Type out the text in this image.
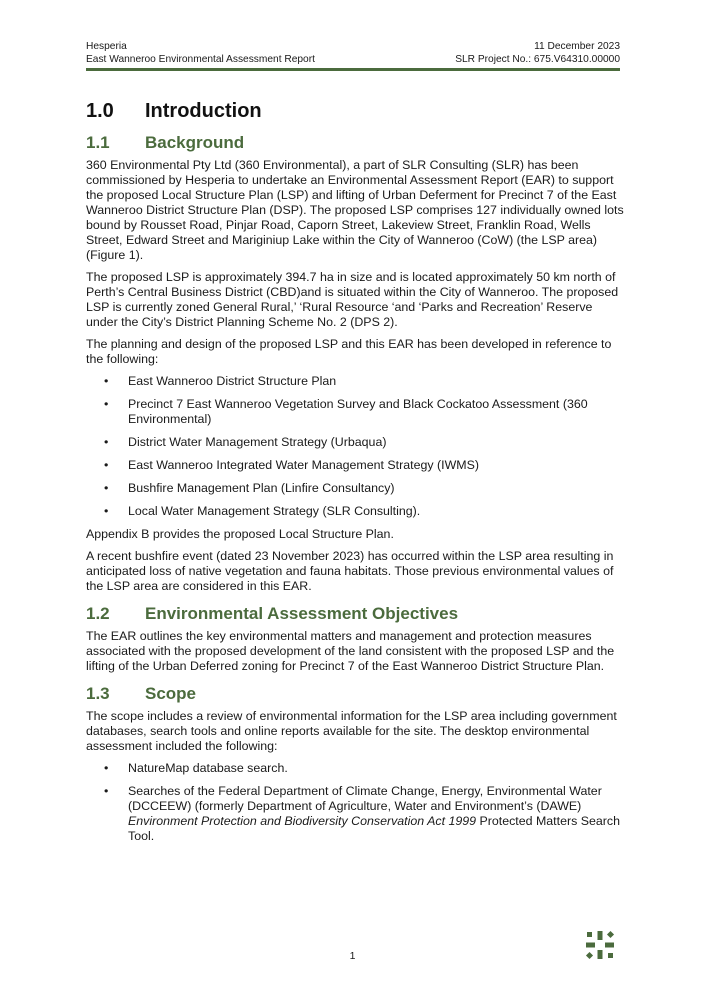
Hesperia
East Wanneroo Environmental Assessment Report
11 December 2023
SLR Project No.: 675.V64310.00000
1.0	Introduction
1.1	Background

360 Environmental Pty Ltd (360 Environmental), a part of SLR Consulting (SLR) has been commissioned by Hesperia to undertake an Environmental Assessment Report (EAR) to support the proposed Local Structure Plan (LSP) and lifting of Urban Deferment for Precinct 7 of the East Wanneroo District Structure Plan (DSP). The proposed LSP comprises 127 individually owned lots bound by Rousset Road, Pinjar Road, Caporn Street, Lakeview Street, Franklin Road, Wells Street, Edward Street and Mariginiup Lake within the City of Wanneroo (CoW) (the LSP area) (Figure 1).

The proposed LSP is approximately 394.7 ha in size and is located approximately 50 km north of Perth’s Central Business District (CBD)and is situated within the City of Wanneroo. The proposed LSP is currently zoned General Rural,’ ‘Rural Resource ‘and ‘Parks and Recreation’ Reserve under the City’s District Planning Scheme No. 2 (DPS 2).

The planning and design of the proposed LSP and this EAR has been developed in reference to the following:

• East Wanneroo District Structure Plan
• Precinct 7 East Wanneroo Vegetation Survey and Black Cockatoo Assessment (360 Environmental)
• District Water Management Strategy (Urbaqua)
• East Wanneroo Integrated Water Management Strategy (IWMS)
• Bushfire Management Plan (Linfire Consultancy)
• Local Water Management Strategy (SLR Consulting).

Appendix B provides the proposed Local Structure Plan.

A recent bushfire event (dated 23 November 2023) has occurred within the LSP area resulting in anticipated loss of native vegetation and fauna habitats. Those previous environmental values of the LSP area are considered in this EAR.

1.2	Environmental Assessment Objectives

The EAR outlines the key environmental matters and management and protection measures associated with the proposed development of the land consistent with the proposed LSP and the lifting of the Urban Deferred zoning for Precinct 7 of the East Wanneroo District Structure Plan.

1.3	Scope

The scope includes a review of environmental information for the LSP area including government databases, search tools and online reports available for the site. The desktop environmental assessment included the following:

• NatureMap database search.
• Searches of the Federal Department of Climate Change, Energy, Environmental Water (DCCEEW) (formerly Department of Agriculture, Water and Environment’s (DAWE) Environment Protection and Biodiversity Conservation Act 1999 Protected Matters Search Tool.
1
